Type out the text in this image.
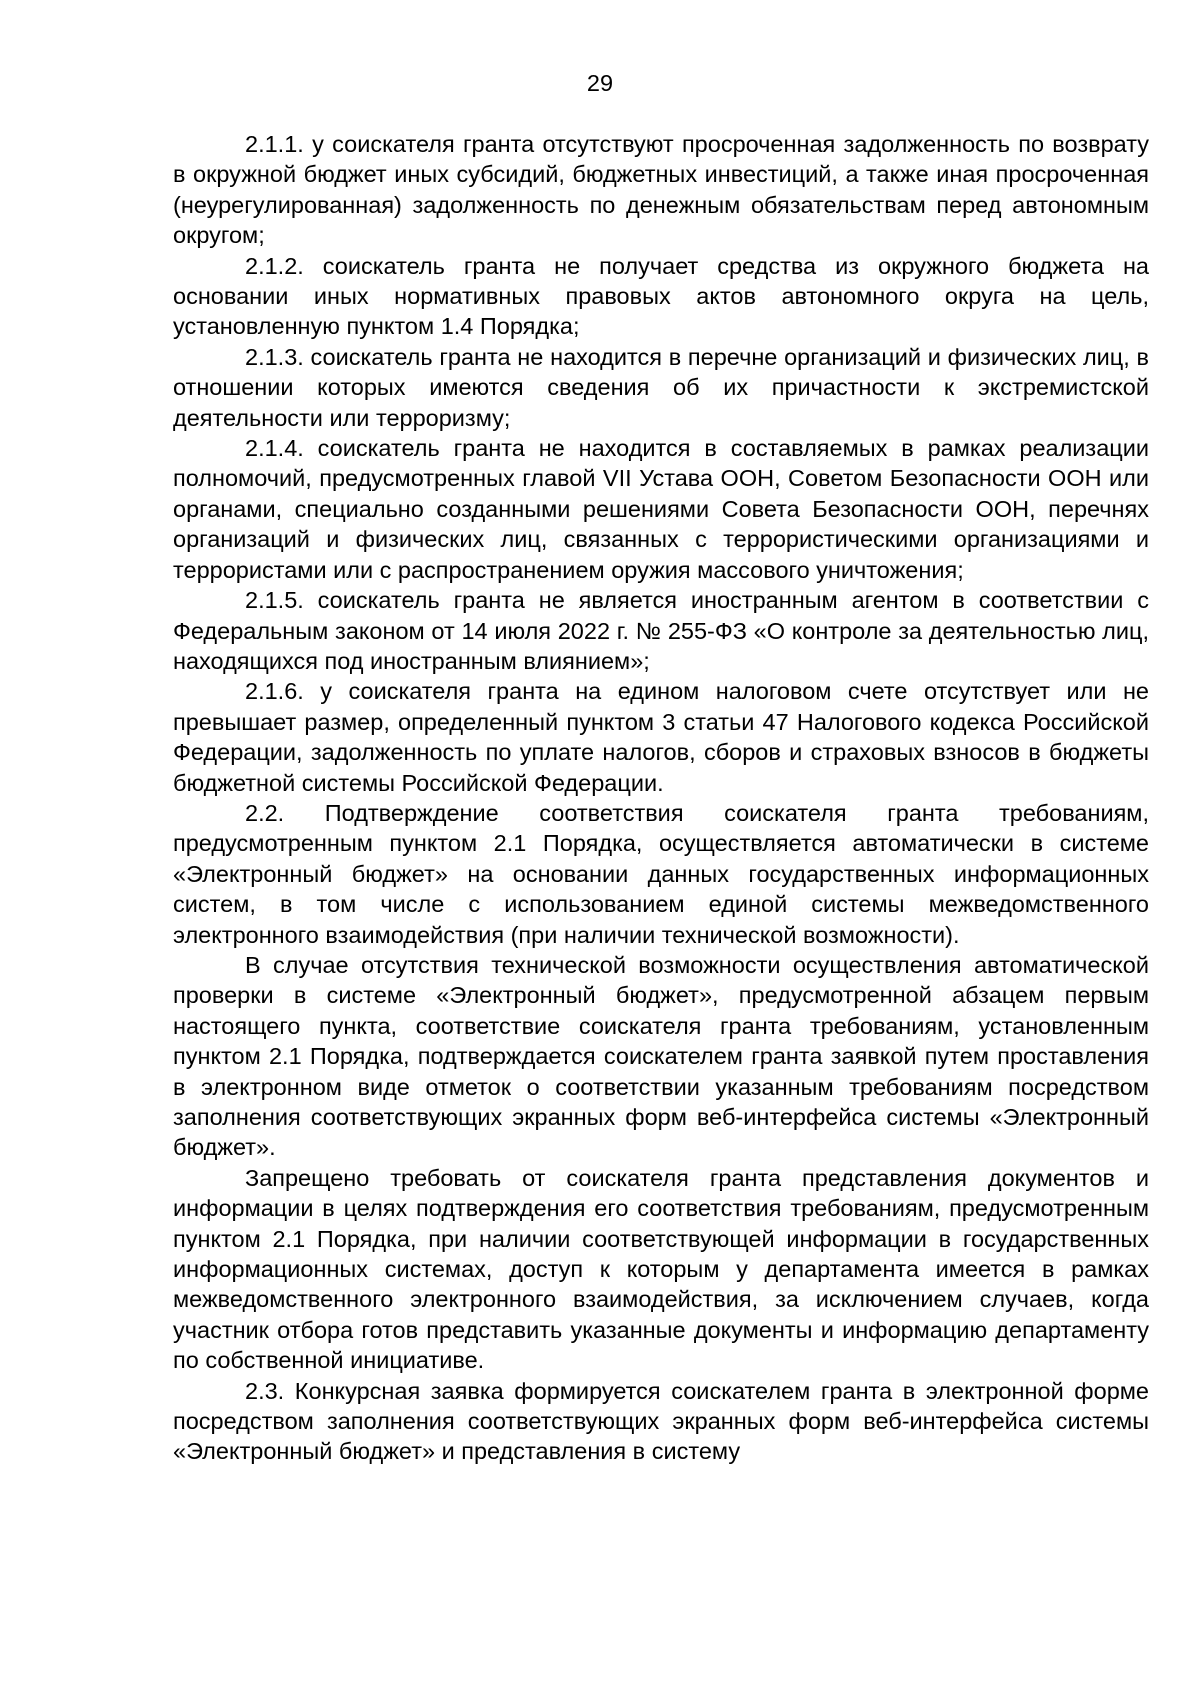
29

2.1.1. у соискателя гранта отсутствуют просроченная задолженность по возврату в окружной бюджет иных субсидий, бюджетных инвестиций, а также иная просроченная (неурегулированная) задолженность по денежным обязательствам перед автономным округом;

2.1.2. соискатель гранта не получает средства из окружного бюджета на основании иных нормативных правовых актов автономного округа на цель, установленную пунктом 1.4 Порядка;

2.1.3. соискатель гранта не находится в перечне организаций и физических лиц, в отношении которых имеются сведения об их причастности к экстремистской деятельности или терроризму;

2.1.4. соискатель гранта не находится в составляемых в рамках реализации полномочий, предусмотренных главой VII Устава ООН, Советом Безопасности ООН или органами, специально созданными решениями Совета Безопасности ООН, перечнях организаций и физических лиц, связанных с террористическими организациями и террористами или с распространением оружия массового уничтожения;

2.1.5. соискатель гранта не является иностранным агентом в соответствии с Федеральным законом от 14 июля 2022 г. № 255-ФЗ «О контроле за деятельностью лиц, находящихся под иностранным влиянием»;

2.1.6. у соискателя гранта на едином налоговом счете отсутствует или не превышает размер, определенный пунктом 3 статьи 47 Налогового кодекса Российской Федерации, задолженность по уплате налогов, сборов и страховых взносов в бюджеты бюджетной системы Российской Федерации.

2.2. Подтверждение соответствия соискателя гранта требованиям, предусмотренным пунктом 2.1 Порядка, осуществляется автоматически в системе «Электронный бюджет» на основании данных государственных информационных систем, в том числе с использованием единой системы межведомственного электронного взаимодействия (при наличии технической возможности).

В случае отсутствия технической возможности осуществления автоматической проверки в системе «Электронный бюджет», предусмотренной абзацем первым настоящего пункта, соответствие соискателя гранта требованиям, установленным пунктом 2.1 Порядка, подтверждается соискателем гранта заявкой путем проставления в электронном виде отметок о соответствии указанным требованиям посредством заполнения соответствующих экранных форм веб-интерфейса системы «Электронный бюджет».

Запрещено требовать от соискателя гранта представления документов и информации в целях подтверждения его соответствия требованиям, предусмотренным пунктом 2.1 Порядка, при наличии соответствующей информации в государственных информационных системах, доступ к которым у департамента имеется в рамках межведомственного электронного взаимодействия, за исключением случаев, когда участник отбора готов представить указанные документы и информацию департаменту по собственной инициативе.

2.3. Конкурсная заявка формируется соискателем гранта в электронной форме посредством заполнения соответствующих экранных форм веб-интерфейса системы «Электронный бюджет» и представления в систему
